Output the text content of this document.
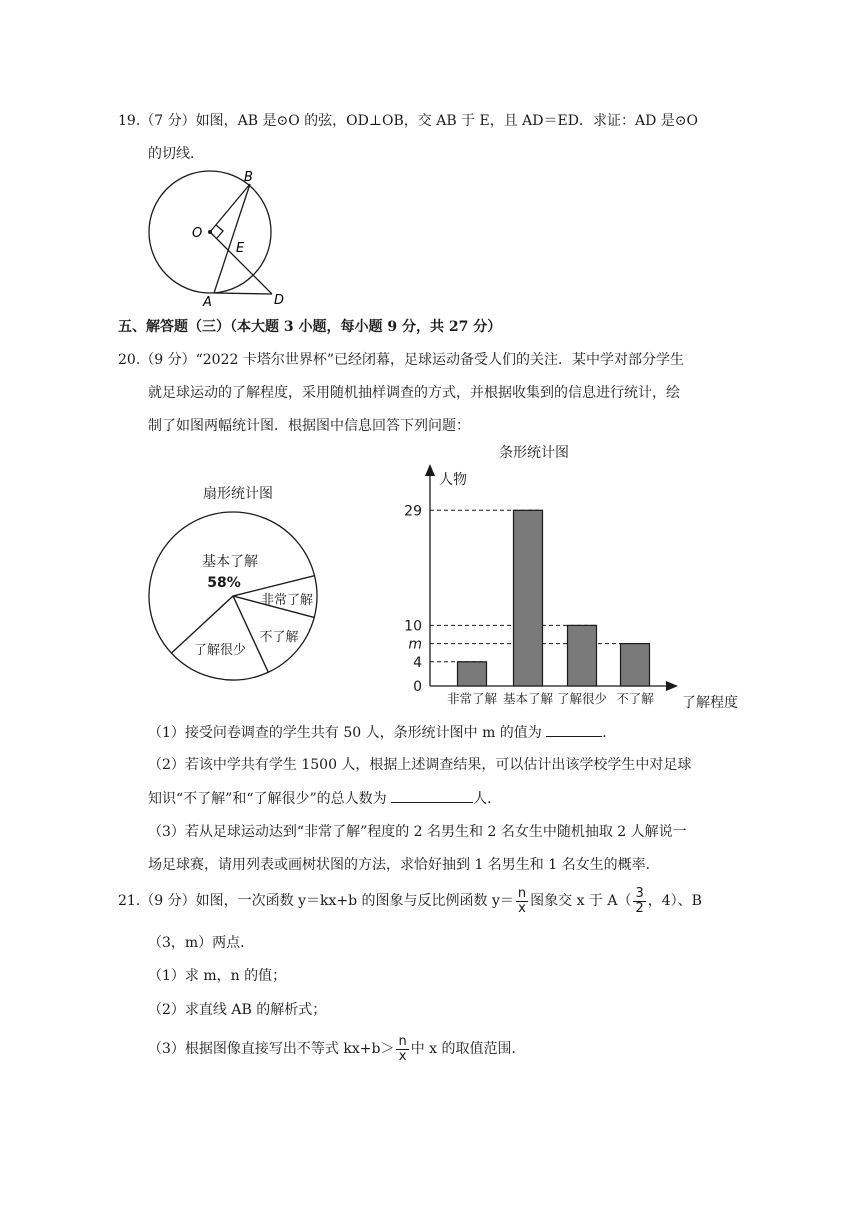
19.（7 分）如图，AB 是⊙O 的弦，OD⊥OB，交 AB 于 E，且 AD＝ED．求证：AD 是⊙O
的切线．
B
O
E
A	D
五、解答题（三）（本大题 3 小题，每小题 9 分，共 27 分）
20.（9 分）“2022 卡塔尔世界杯”已经闭幕，足球运动备受人们的关注．某中学对部分学生
就足球运动的了解程度，采用随机抽样调查的方式，并根据收集到的信息进行统计，绘
制了如图两幅统计图．根据图中信息回答下列问题：
扇形统计图
基本了解
58%
非常了解
不了解
了解很少
条形统计图
人物
了解程度
0
4
m
10
29
非常了解 基本了解 了解很少 不了解
（1）接受问卷调查的学生共有 50 人，条形统计图中 m 的值为	．
（2）若该中学共有学生 1500 人，根据上述调查结果，可以估计出该学校学生中对足球
知识“不了解”和“了解很少”的总人数为	人．
（3）若从足球运动达到“非常了解”程度的 2 名男生和 2 名女生中随机抽取 2 人解说一
场足球赛，请用列表或画树状图的方法，求恰好抽到 1 名男生和 1 名女生的概率．
21.（9 分）如图，一次函数 y＝kx+b 的图象与反比例函数 $y= \frac{n}{x}$ 图象交 x 于 $A( \frac{3}{2}$ ，4）、B
（3，m）两点．
（1）求 m，n 的值；
（2）求直线 AB 的解析式；
（3）根据图像直接写出不等式 $kx+b> \frac{n}{x}$ 中 x 的取值范围．
